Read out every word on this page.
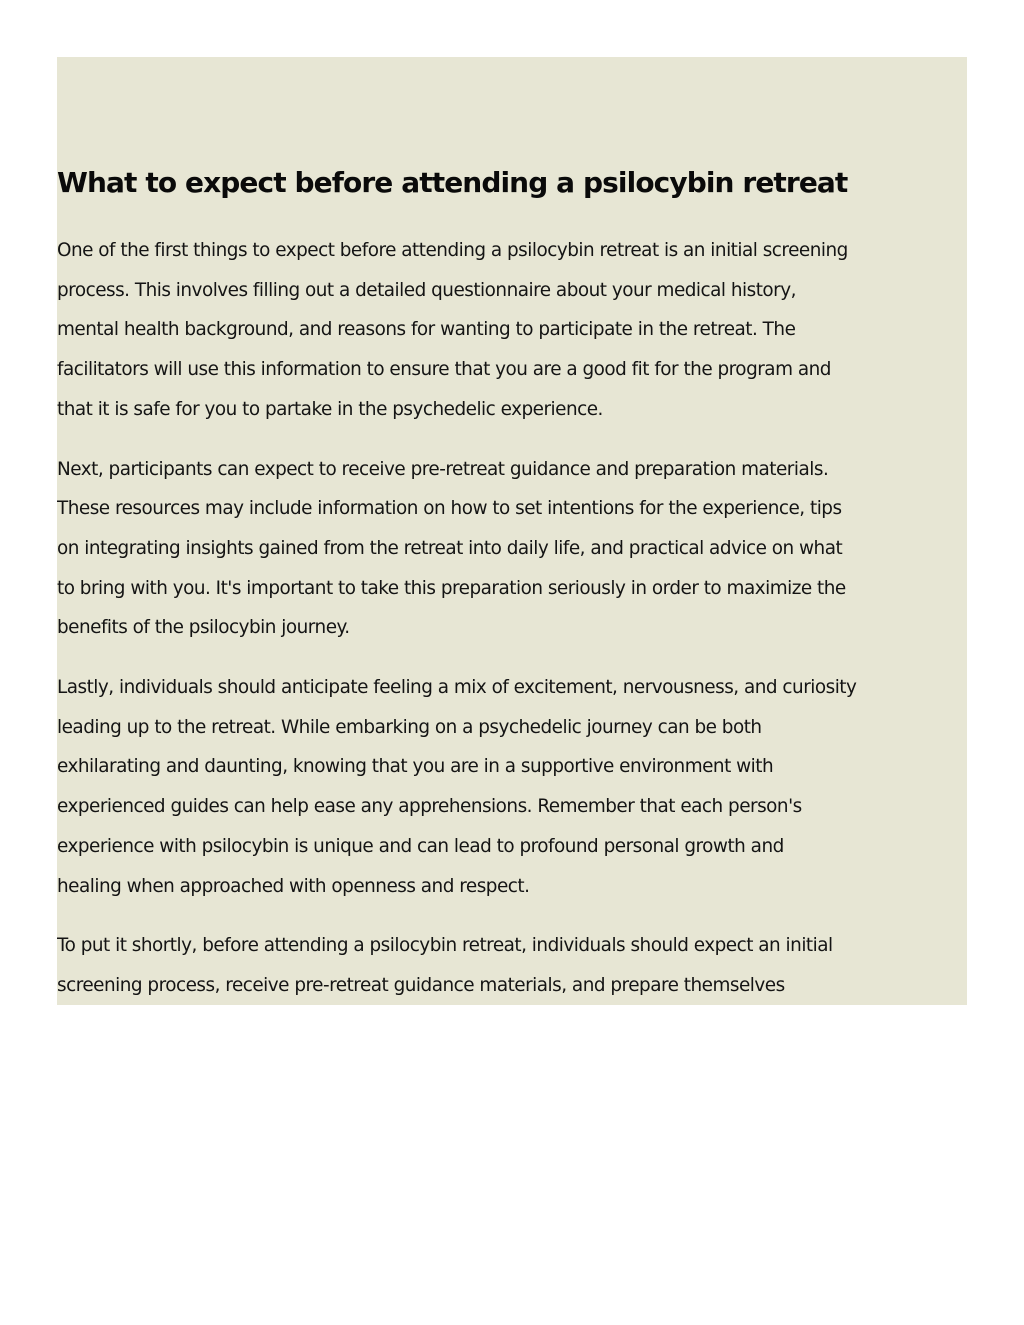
What to expect before attending a psilocybin retreat

One of the first things to expect before attending a psilocybin retreat is an initial screening
process. This involves filling out a detailed questionnaire about your medical history,
mental health background, and reasons for wanting to participate in the retreat. The
facilitators will use this information to ensure that you are a good fit for the program and
that it is safe for you to partake in the psychedelic experience.

Next, participants can expect to receive pre-retreat guidance and preparation materials.
These resources may include information on how to set intentions for the experience, tips
on integrating insights gained from the retreat into daily life, and practical advice on what
to bring with you. It's important to take this preparation seriously in order to maximize the
benefits of the psilocybin journey.

Lastly, individuals should anticipate feeling a mix of excitement, nervousness, and curiosity
leading up to the retreat. While embarking on a psychedelic journey can be both
exhilarating and daunting, knowing that you are in a supportive environment with
experienced guides can help ease any apprehensions. Remember that each person's
experience with psilocybin is unique and can lead to profound personal growth and
healing when approached with openness and respect.

To put it shortly, before attending a psilocybin retreat, individuals should expect an initial
screening process, receive pre-retreat guidance materials, and prepare themselves
